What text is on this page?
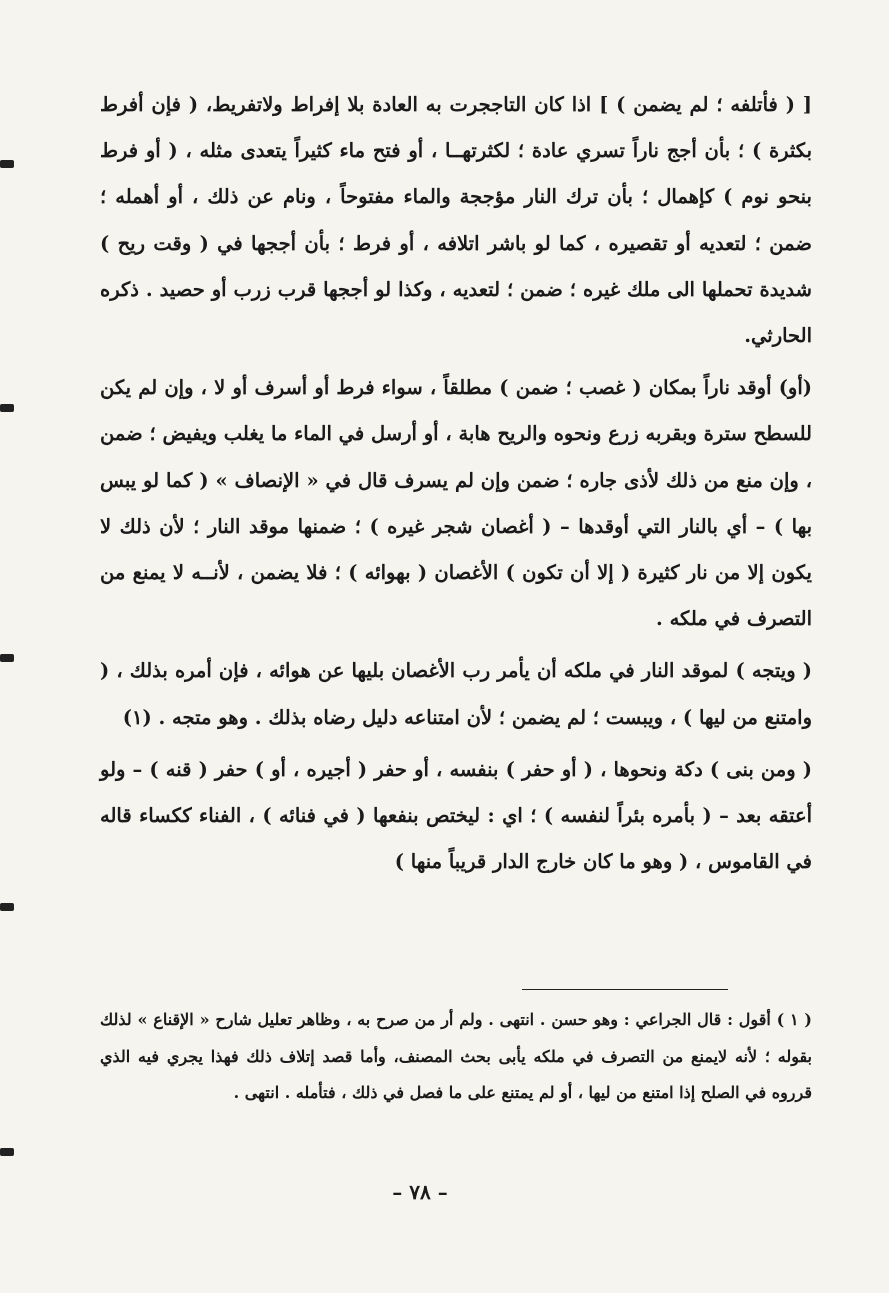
[ ( فأتلفه ؛ لم يضمن ) ] اذا كان التاججرت به العادة بلا إفراط ولاتفريط، ( فإن أفرط بكثرة ) ؛ بأن أجج ناراً تسري عادة ؛ لكثرتهــا ، أو فتح ماء كثيراً يتعدى مثله ، ( أو فرط بنحو نوم ) كإهمال ؛ بأن ترك النار مؤججة والماء مفتوحاً ، ونام عن ذلك ، أو أهمله ؛ ضمن ؛ لتعديه أو تقصيره ، كما لو باشر اتلافه ، أو فرط ؛ بأن أججها في ( وقت ريح ) شديدة تحملها الى ملك غيره ؛ ضمن ؛ لتعديه ، وكذا لو أججها قرب زرب أو حصيد . ذكره الحارثي.

(أو) أوقد ناراً بمكان ( غصب ؛ ضمن ) مطلقاً ، سواء فرط أو أسرف أو لا ، وإن لم يكن للسطح سترة وبقربه زرع ونحوه والريح هابة ، أو أرسل في الماء ما يغلب ويفيض ؛ ضمن ، وإن منع من ذلك لأذى جاره ؛ ضمن وإن لم يسرف قال في « الإنصاف » ( كما لو يبس بها ) – أي بالنار التي أوقدها – ( أغصان شجر غيره ) ؛ ضمنها موقد النار ؛ لأن ذلك لا يكون إلا من نار كثيرة ( إلا أن تكون ) الأغصان ( بهوائه ) ؛ فلا يضمن ، لأنــه لا يمنع من التصرف في ملكه .

( ويتجه ) لموقد النار في ملكه أن يأمر رب الأغصان بليها عن هوائه ، فإن أمره بذلك ، ( وامتنع من ليها ) ، ويبست ؛ لم يضمن ؛ لأن امتناعه دليل رضاه بذلك . وهو متجه . (١)

( ومن بنى ) دكة ونحوها ، ( أو حفر ) بنفسه ، أو حفر ( أجيره ، أو ) حفر ( قنه ) – ولو أعتقه بعد – ( بأمره بئراً لنفسه ) ؛ اي : ليختص بنفعها ( في فنائه ) ، الفناء ككساء قاله في القاموس ، ( وهو ما كان خارج الدار قريباً منها )

( ١ ) أقول : قال الجراعي : وهو حسن . انتهى . ولم أر من صرح به ، وظاهر تعليل شارح « الإقناع » لذلك بقوله ؛ لأنه لايمنع من التصرف في ملكه يأبى بحث المصنف، وأما قصد إتلاف ذلك فهذا يجري فيه الذي قرروه في الصلح إذا امتنع من ليها ، أو لم يمتنع على ما فصل في ذلك ، فتأمله . انتهى .

– ٧٨ –
